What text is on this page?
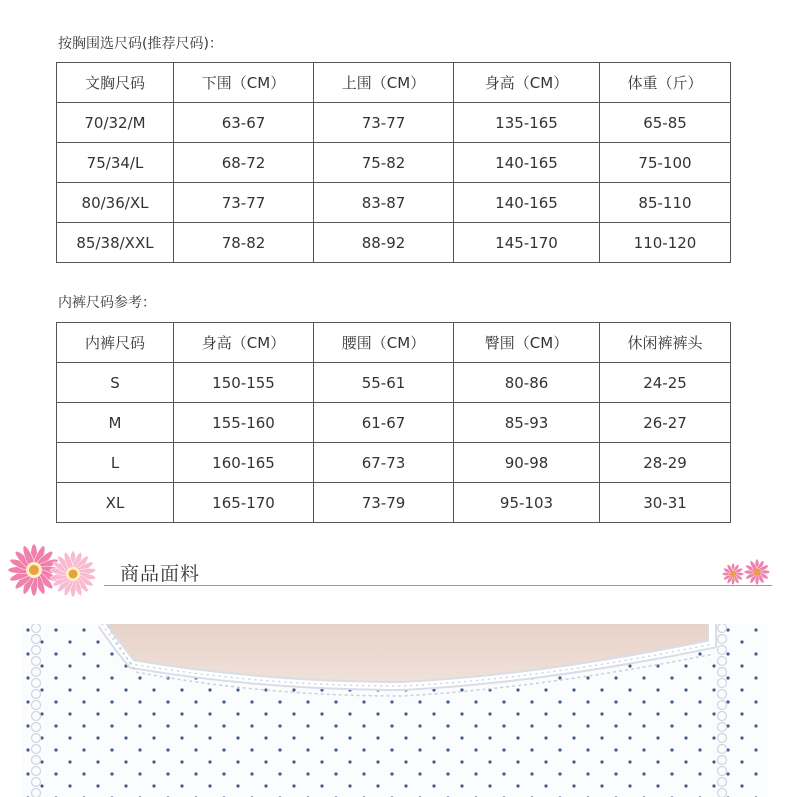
按胸围选尺码(推荐尺码)：
文胸尺码	下围（CM）	上围（CM）	身高（CM）	体重（斤）
70/32/M	63-67	73-77	135-165	65-85
75/34/L	68-72	75-82	140-165	75-100
80/36/XL	73-77	83-87	140-165	85-110
85/38/XXL	78-82	88-92	145-170	110-120
内裤尺码参考：
内裤尺码	身高（CM）	腰围（CM）	臀围（CM）	休闲裤裤头
S	150-155	55-61	80-86	24-25
M	155-160	61-67	85-93	26-27
L	160-165	67-73	90-98	28-29
XL	165-170	73-79	95-103	30-31
商品面料
